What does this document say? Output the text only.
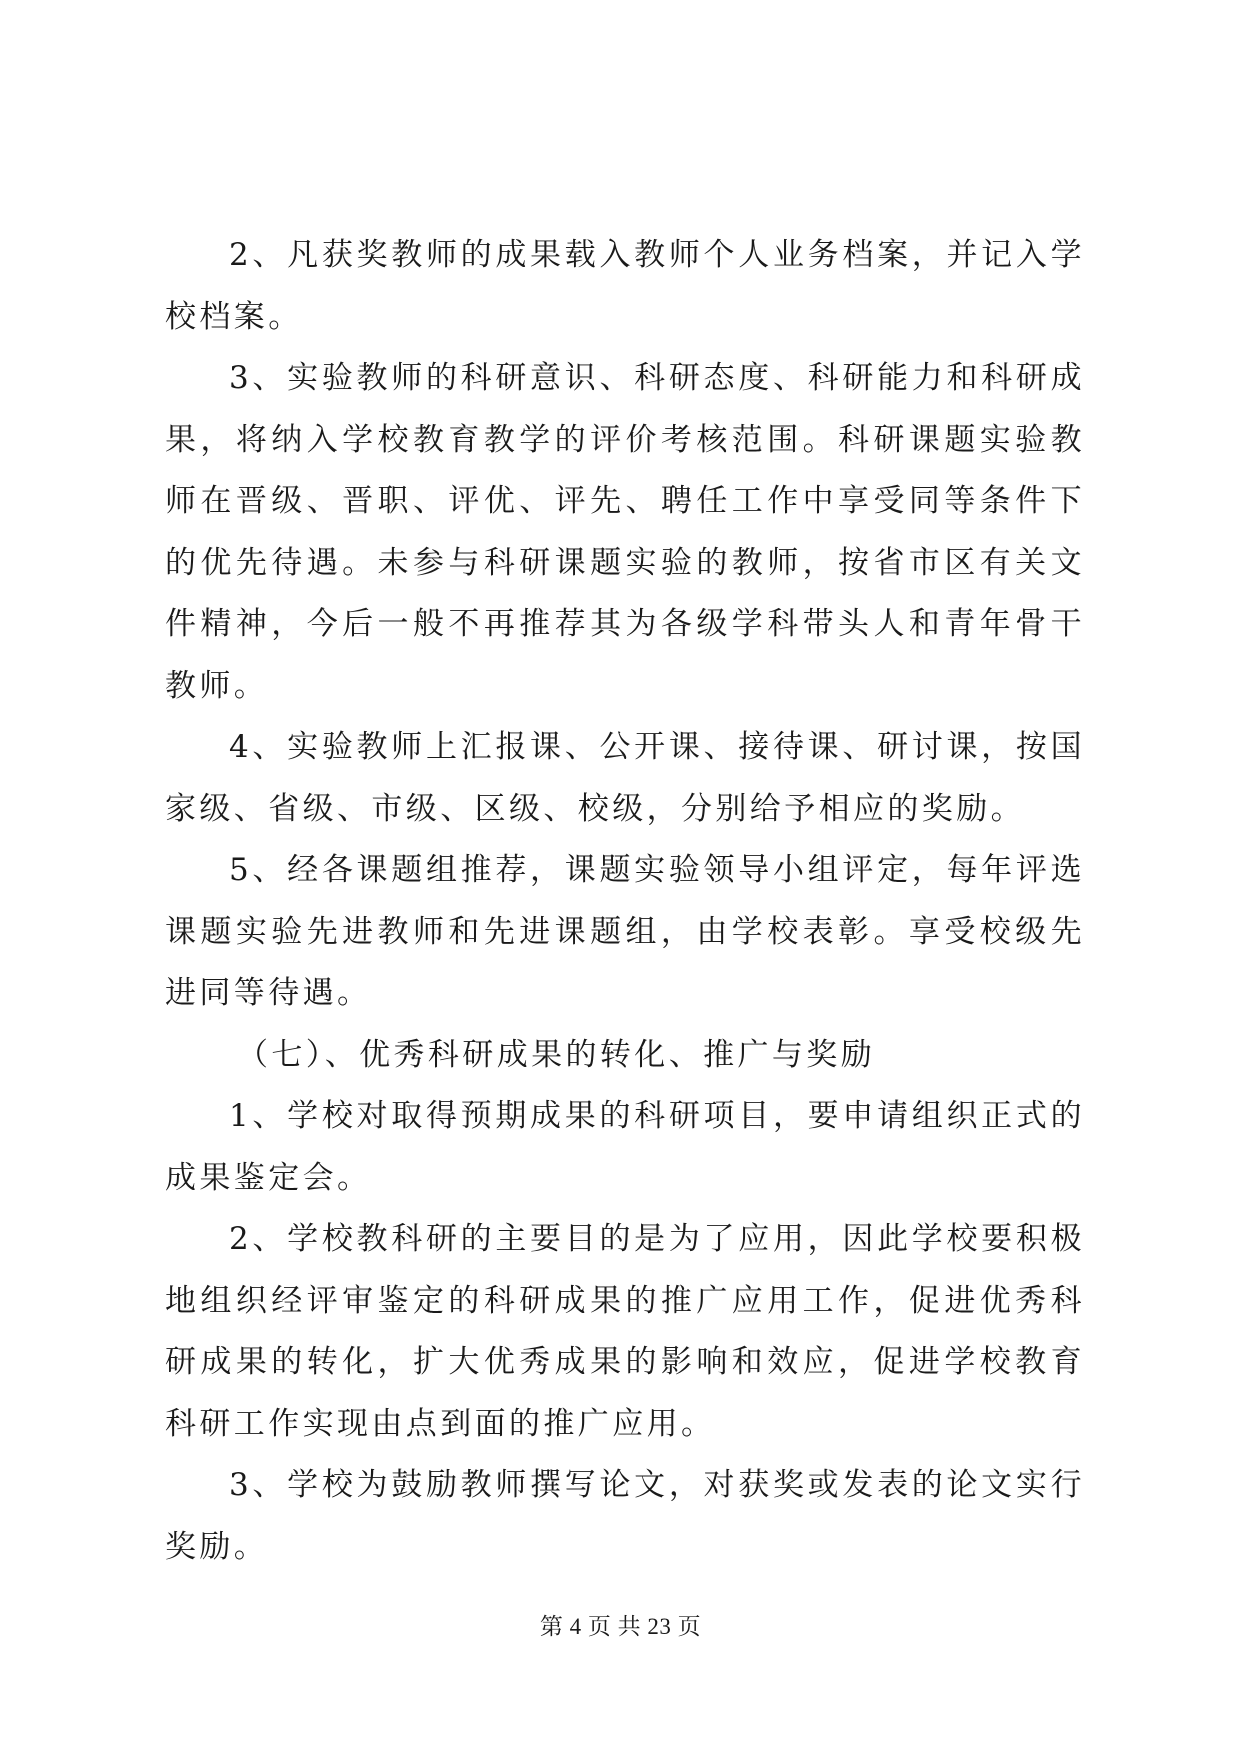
2、凡获奖教师的成果载入教师个人业务档案，并记入学校档案。

3、实验教师的科研意识、科研态度、科研能力和科研成果，将纳入学校教育教学的评价考核范围。科研课题实验教师在晋级、晋职、评优、评先、聘任工作中享受同等条件下的优先待遇。未参与科研课题实验的教师，按省市区有关文件精神，今后一般不再推荐其为各级学科带头人和青年骨干教师。

4、实验教师上汇报课、公开课、接待课、研讨课，按国家级、省级、市级、区级、校级，分别给予相应的奖励。

5、经各课题组推荐，课题实验领导小组评定，每年评选课题实验先进教师和先进课题组，由学校表彰。享受校级先进同等待遇。

（七）、优秀科研成果的转化、推广与奖励

1、学校对取得预期成果的科研项目，要申请组织正式的成果鉴定会。

2、学校教科研的主要目的是为了应用，因此学校要积极地组织经评审鉴定的科研成果的推广应用工作，促进优秀科研成果的转化，扩大优秀成果的影响和效应，促进学校教育科研工作实现由点到面的推广应用。

3、学校为鼓励教师撰写论文，对获奖或发表的论文实行奖励。

第 4 页 共 23 页
